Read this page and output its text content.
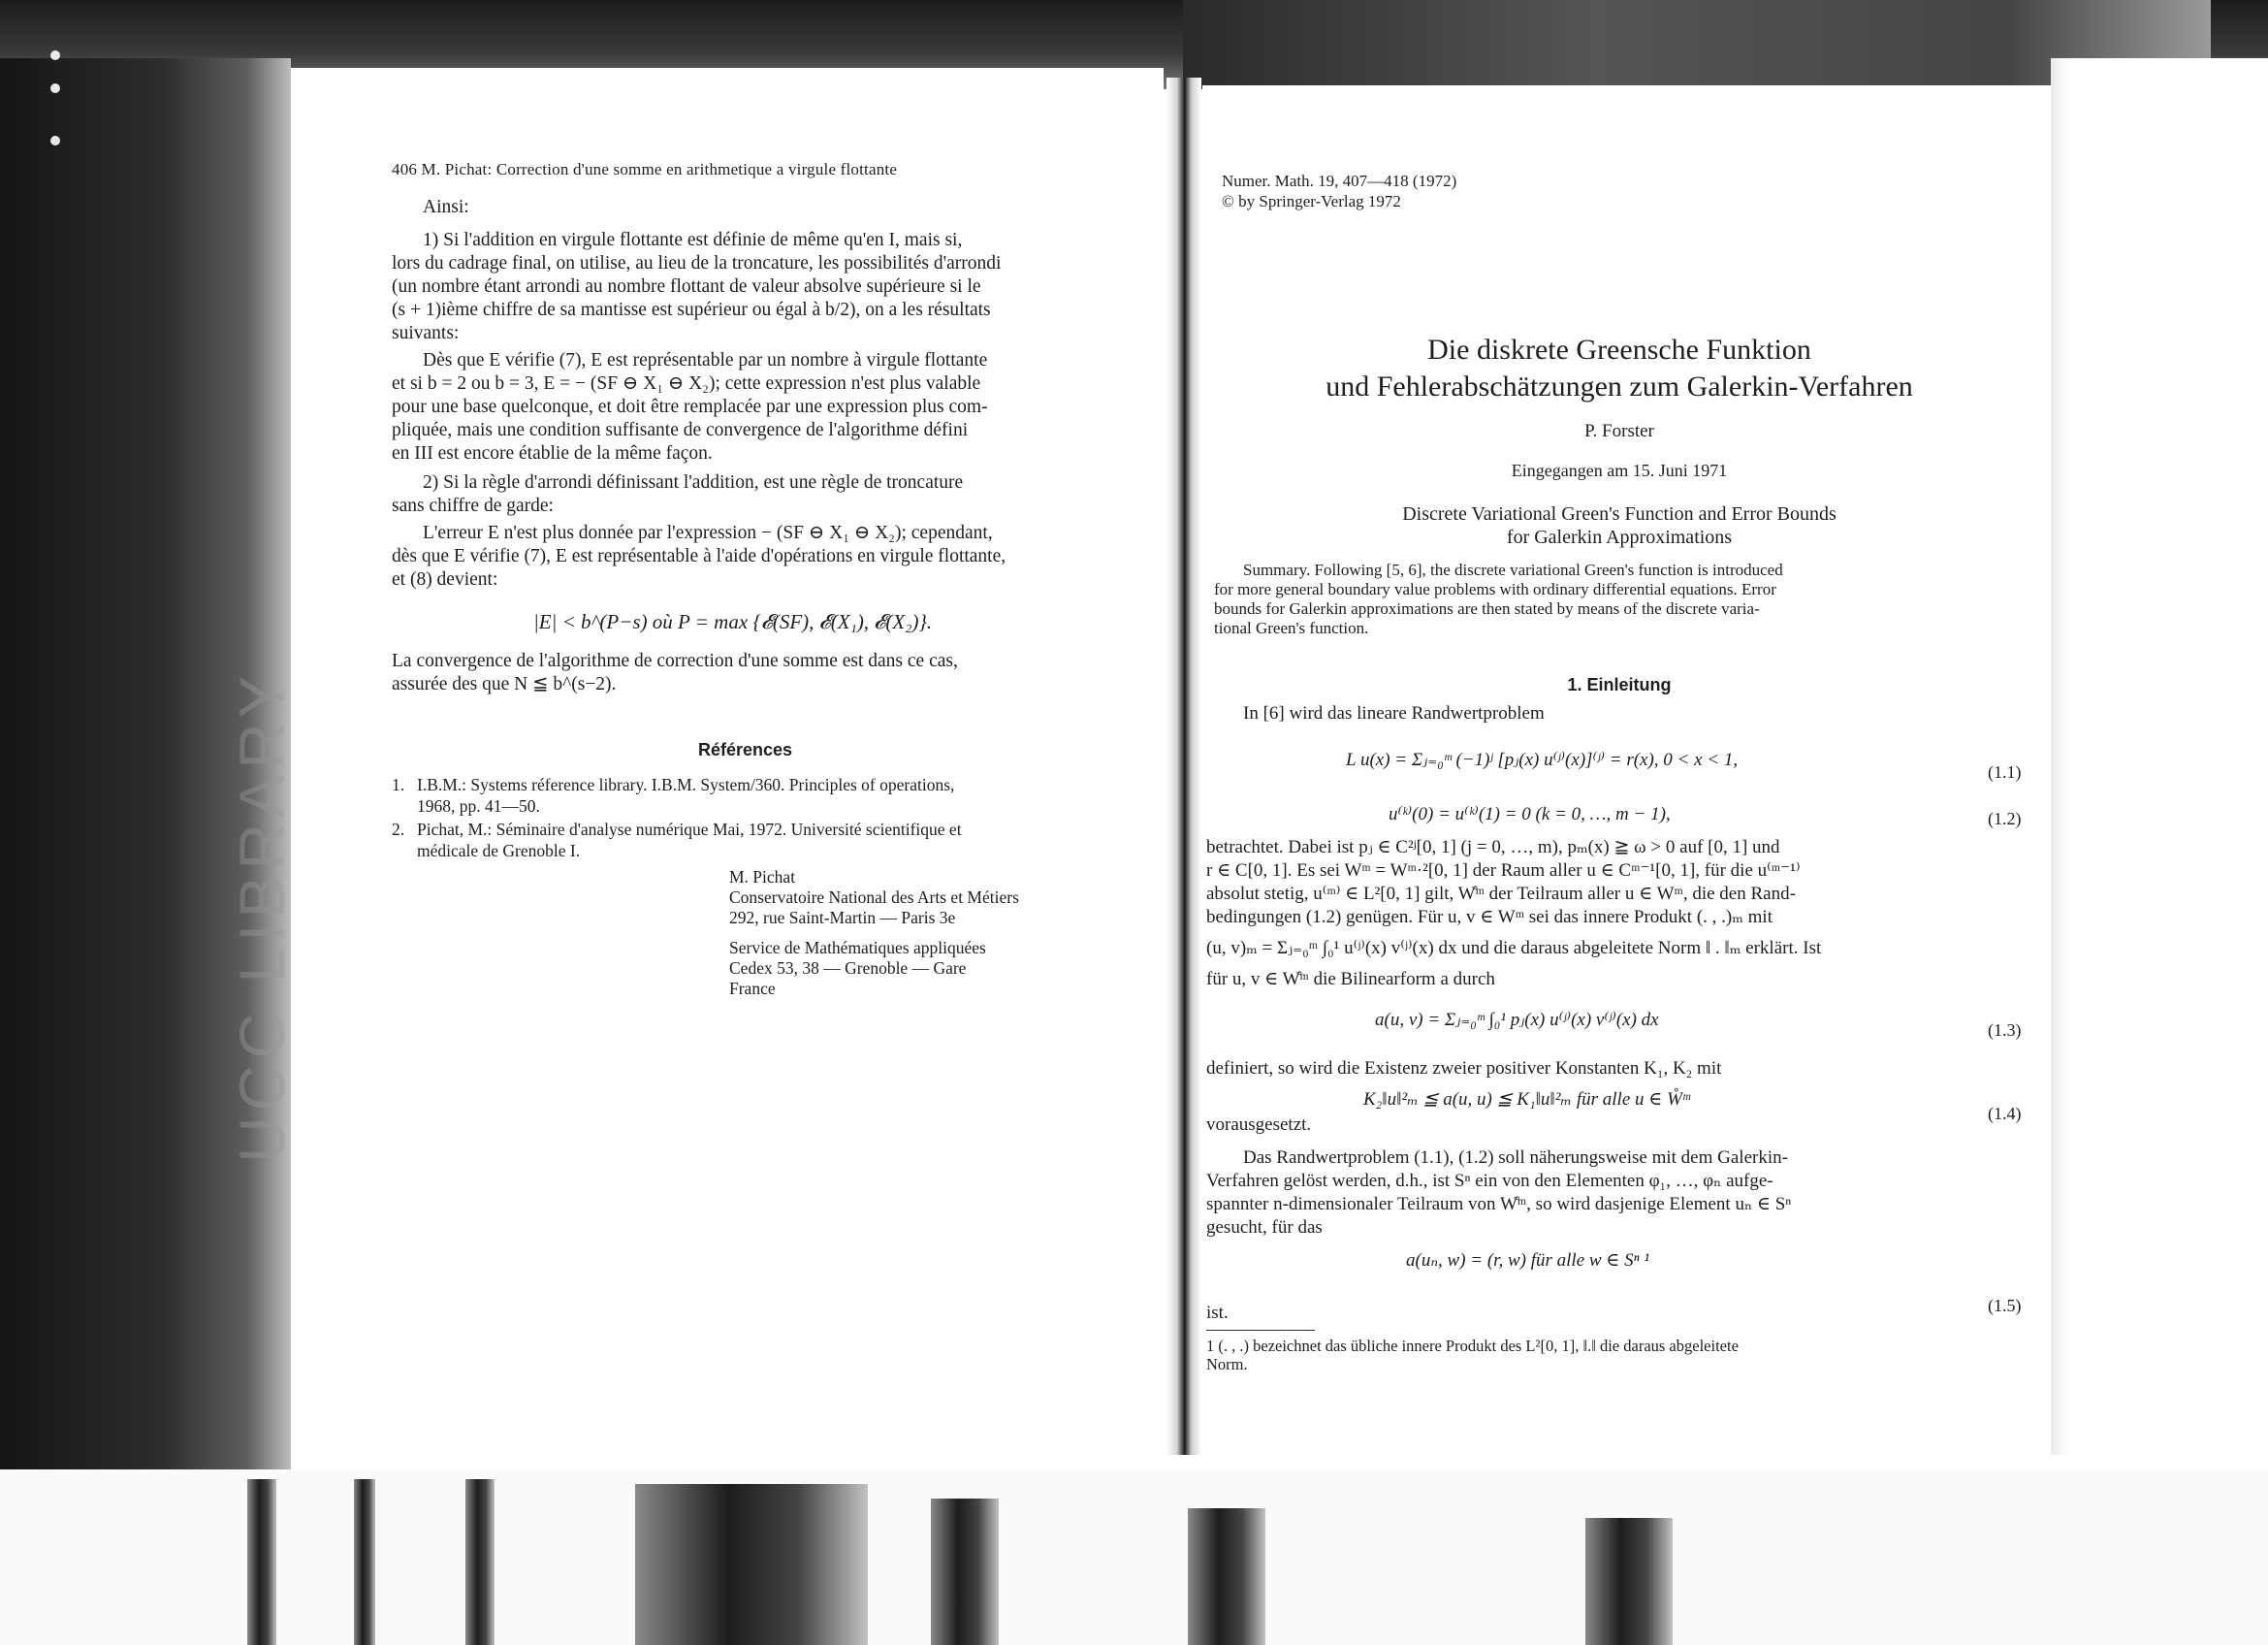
406 M. Pichat: Correction d'une somme en arithmetique a virgule flottante
Ainsi:
1) Si l'addition en virgule flottante est définie de même qu'en I, mais si,
lors du cadrage final, on utilise, au lieu de la troncature, les possibilités d'arrondi
(un nombre étant arrondi au nombre flottant de valeur absolve supérieure si le
(s + 1)ième chiffre de sa mantisse est supérieur ou égal à b/2), on a les résultats
suivants:
Dès que E vérifie (7), E est représentable par un nombre à virgule flottante
et si b = 2 ou b = 3, E = − (SF ⊖ X₁ ⊖ X₂); cette expression n'est plus valable
pour une base quelconque, et doit être remplacée par une expression plus com-
pliquée, mais une condition suffisante de convergence de l'algorithme défini
en III est encore établie de la même façon.
2) Si la règle d'arrondi définissant l'addition, est une règle de troncature
sans chiffre de garde:
L'erreur E n'est plus donnée par l'expression − (SF ⊖ X₁ ⊖ X₂); cependant,
dès que E vérifie (7), E est représentable à l'aide d'opérations en virgule flottante,
et (8) devient:
|E| < b^(P−s) où P = max {𝓔(SF), 𝓔(X₁), 𝓔(X₂)}.
La convergence de l'algorithme de correction d'une somme est dans ce cas,
assurée des que N ≦ b^(s−2).
Références
1. I.B.M.: Systems réference library. I.B.M. System/360. Principles of operations,
1968, pp. 41—50.
2. Pichat, M.: Séminaire d'analyse numérique Mai, 1972. Université scientifique et
médicale de Grenoble I.
M. Pichat
Conservatoire National des Arts et Métiers
292, rue Saint-Martin — Paris 3e
Service de Mathématiques appliquées
Cedex 53, 38 — Grenoble — Gare
France
UCC LIBRARY
Numer. Math. 19, 407—418 (1972)
© by Springer-Verlag 1972
Die diskrete Greensche Funktion
und Fehlerabschätzungen zum Galerkin-Verfahren
P. Forster
Eingegangen am 15. Juni 1971
Discrete Variational Green's Function and Error Bounds
for Galerkin Approximations
Summary. Following [5, 6], the discrete variational Green's function is introduced
for more general boundary value problems with ordinary differential equations. Error
bounds for Galerkin approximations are then stated by means of the discrete varia-
tional Green's function.
1. Einleitung
In [6] wird das lineare Randwertproblem
L u(x) = Σⱼ₌₀ᵐ (−1)ʲ [pⱼ(x) u⁽ʲ⁾(x)]⁽ʲ⁾ = r(x), 0 < x < 1,
(1.1)
u⁽ᵏ⁾(0) = u⁽ᵏ⁾(1) = 0 (k = 0, …, m − 1),	(1.2)
betrachtet. Dabei ist pⱼ ∈ C²ʲ[0, 1] (j = 0, …, m), pₘ(x) ≧ ω > 0 auf [0, 1] und
r ∈ C[0, 1]. Es sei Wᵐ = Wᵐ·²[0, 1] der Raum aller u ∈ Cᵐ⁻¹[0, 1], für die u⁽ᵐ⁻¹⁾
absolut stetig, u⁽ᵐ⁾ ∈ L²[0, 1] gilt, W̊ᵐ der Teilraum aller u ∈ Wᵐ, die den Rand-
bedingungen (1.2) genügen. Für u, v ∈ Wᵐ sei das innere Produkt (. , .)ₘ mit
(u, v)ₘ = Σⱼ₌₀ᵐ ∫₀¹ u⁽ʲ⁾(x) v⁽ʲ⁾(x) dx und die daraus abgeleitete Norm ‖ . ‖ₘ erklärt. Ist
für u, v ∈ W̊ᵐ die Bilinearform a durch
a(u, v) = Σⱼ₌₀ᵐ ∫₀¹ pⱼ(x) u⁽ʲ⁾(x) v⁽ʲ⁾(x) dx	(1.3)
definiert, so wird die Existenz zweier positiver Konstanten K₁, K₂ mit
K₂‖u‖²ₘ ≦ a(u, u) ≦ K₁‖u‖²ₘ für alle u ∈ W̊ᵐ
vorausgesetzt.
(1.4)
Das Randwertproblem (1.1), (1.2) soll näherungsweise mit dem Galerkin-
Verfahren gelöst werden, d.h., ist Sⁿ ein von den Elementen φ₁, …, φₙ aufge-
spannter n-dimensionaler Teilraum von W̊ᵐ, so wird dasjenige Element uₙ ∈ Sⁿ
gesucht, für das
a(uₙ, w) = (r, w) für alle w ∈ Sⁿ ¹
ist.	(1.5)
1 (. , .) bezeichnet das übliche innere Produkt des L²[0, 1], ‖.‖ die daraus abgeleitete
Norm.
